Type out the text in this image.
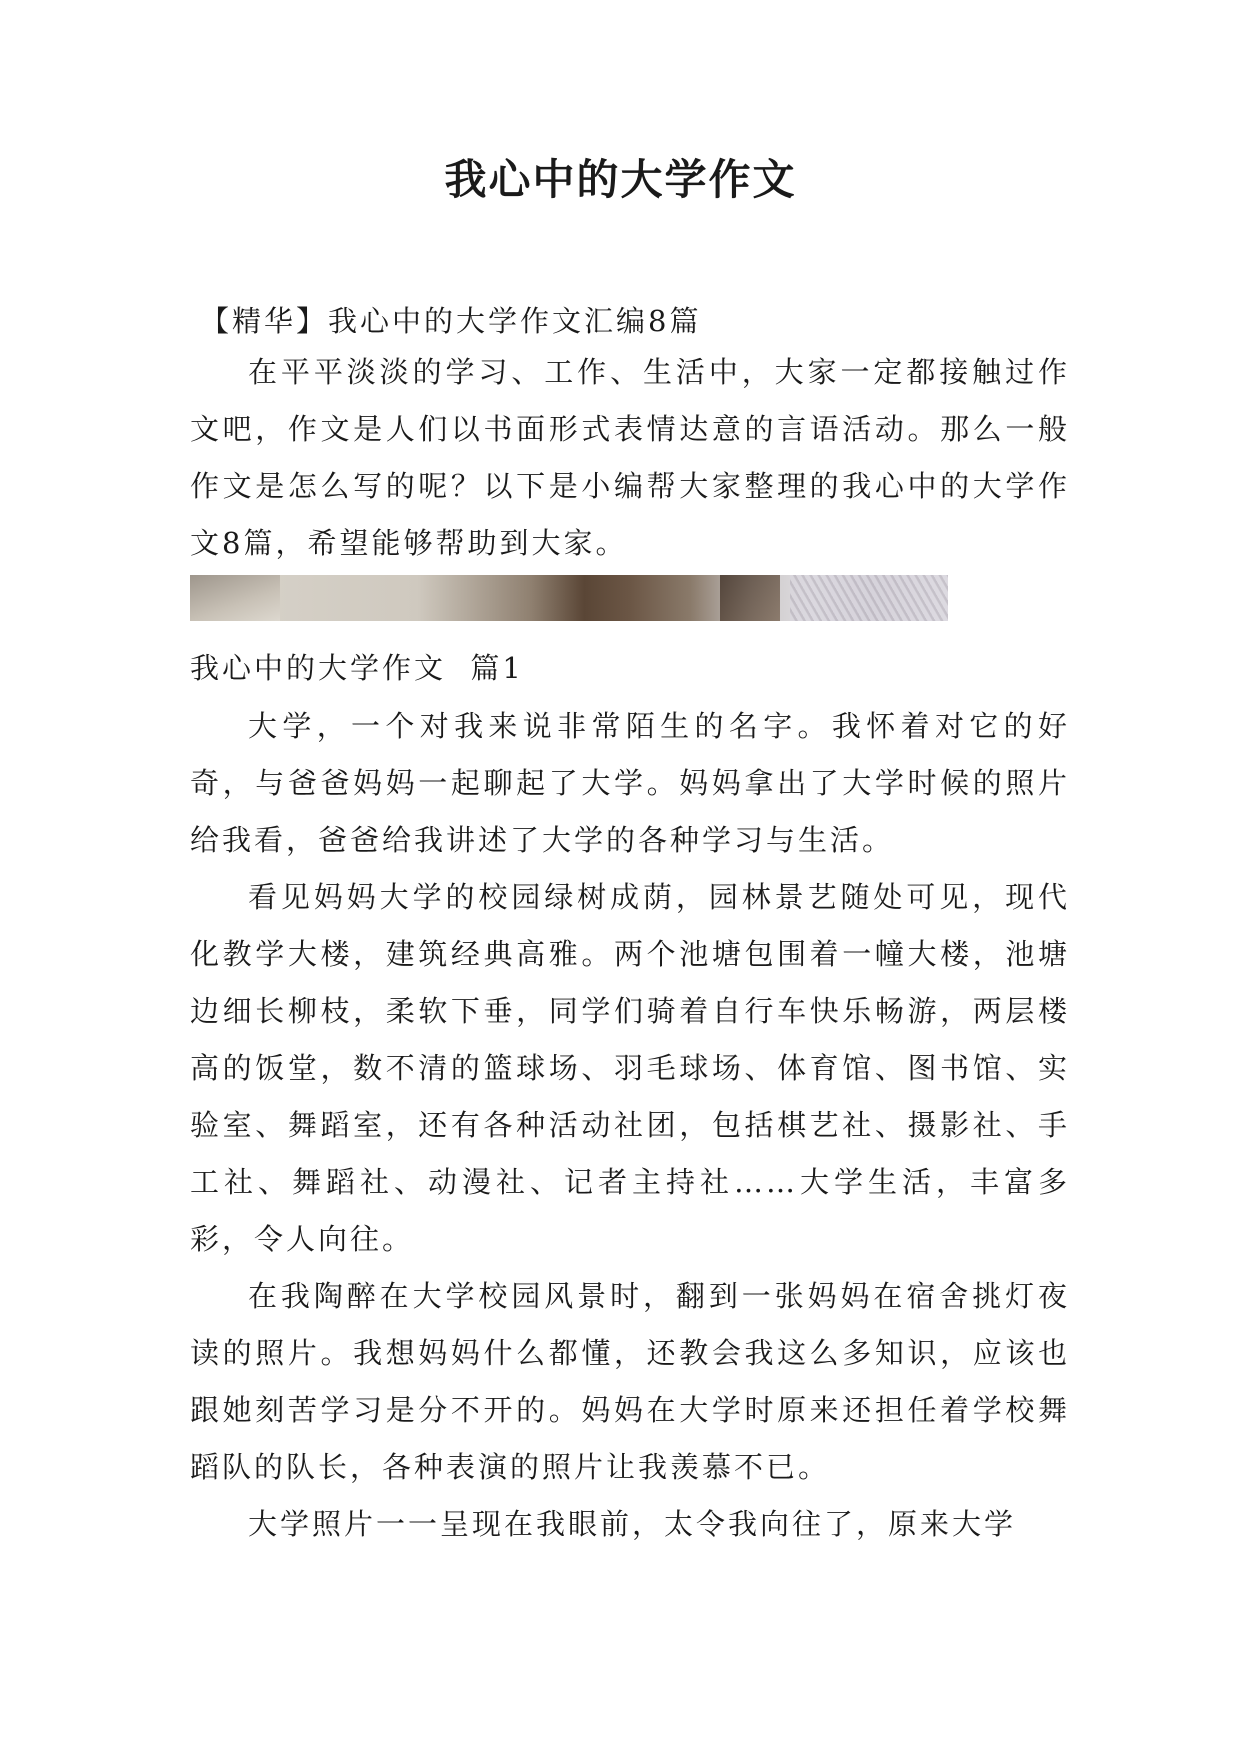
我心中的大学作文
【精华】我心中的大学作文汇编8篇

在平平淡淡的学习、工作、生活中，大家一定都接触过作文吧，作文是人们以书面形式表情达意的言语活动。那么一般作文是怎么写的呢？以下是小编帮大家整理的我心中的大学作文8篇，希望能够帮助到大家。

我心中的大学作文  篇1

大学，一个对我来说非常陌生的名字。我怀着对它的好奇，与爸爸妈妈一起聊起了大学。妈妈拿出了大学时候的照片给我看，爸爸给我讲述了大学的各种学习与生活。

看见妈妈大学的校园绿树成荫，园林景艺随处可见，现代化教学大楼，建筑经典高雅。两个池塘包围着一幢大楼，池塘边细长柳枝，柔软下垂，同学们骑着自行车快乐畅游，两层楼高的饭堂，数不清的篮球场、羽毛球场、体育馆、图书馆、实验室、舞蹈室，还有各种活动社团，包括棋艺社、摄影社、手工社、舞蹈社、动漫社、记者主持社……大学生活，丰富多彩，令人向往。

在我陶醉在大学校园风景时，翻到一张妈妈在宿舍挑灯夜读的照片。我想妈妈什么都懂，还教会我这么多知识，应该也跟她刻苦学习是分不开的。妈妈在大学时原来还担任着学校舞蹈队的队长，各种表演的照片让我羡慕不已。

大学照片一一呈现在我眼前，太令我向往了，原来大学
